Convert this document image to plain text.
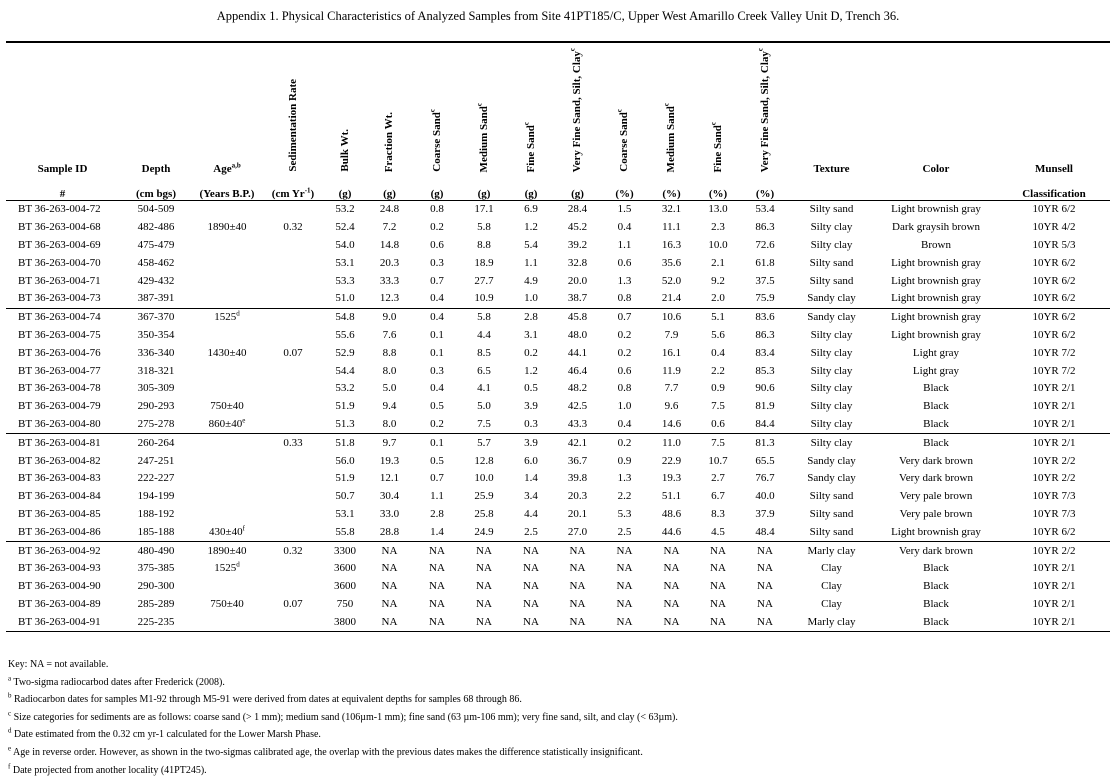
Appendix 1. Physical Characteristics of Analyzed Samples from Site 41PT185/C, Upper West Amarillo Creek Valley Unit D, Trench 36.
Sample ID	Depth	Age$^{a,b}$	Sedimentation Rate	Bulk Wt.	Fraction Wt.	Coarse Sand$^c$	Medium Sand$^c$	Fine Sand$^c$	Very Fine Sand, Silt, Clay$^c$	Coarse Sand$^c$	Medium Sand$^c$	Fine Sand$^c$	Very Fine Sand, Silt, Clay$^c$	Texture	Color	Munsell
#	(cm bgs)	(Years B.P.)	(cm $Yr^{-1}$)	(g)	(g)	(g)	(g)	(g)	(g)	(%)	(%)	(%)	(%)			Classification
BT 36-263-004-72	504-509			53.2	24.8	0.8	17.1	6.9	28.4	1.5	32.1	13.0	53.4	Silty sand	Light brownish gray	10YR 6/2
BT 36-263-004-68	482-486	1890±40	0.32	52.4	7.2	0.2	5.8	1.2	45.2	0.4	11.1	2.3	86.3	Silty clay	Dark graysih brown	10YR 4/2
BT 36-263-004-69	475-479			54.0	14.8	0.6	8.8	5.4	39.2	1.1	16.3	10.0	72.6	Silty clay	Brown	10YR 5/3
BT 36-263-004-70	458-462			53.1	20.3	0.3	18.9	1.1	32.8	0.6	35.6	2.1	61.8	Silty sand	Light brownish gray	10YR 6/2
BT 36-263-004-71	429-432			53.3	33.3	0.7	27.7	4.9	20.0	1.3	52.0	9.2	37.5	Silty sand	Light brownish gray	10YR 6/2
BT 36-263-004-73	387-391			51.0	12.3	0.4	10.9	1.0	38.7	0.8	21.4	2.0	75.9	Sandy clay	Light brownish gray	10YR 6/2
BT 36-263-004-74	367-370	1525$^d$		54.8	9.0	0.4	5.8	2.8	45.8	0.7	10.6	5.1	83.6	Sandy clay	Light brownish gray	10YR 6/2
BT 36-263-004-75	350-354			55.6	7.6	0.1	4.4	3.1	48.0	0.2	7.9	5.6	86.3	Silty clay	Light brownish gray	10YR 6/2
BT 36-263-004-76	336-340	1430±40	0.07	52.9	8.8	0.1	8.5	0.2	44.1	0.2	16.1	0.4	83.4	Silty clay	Light gray	10YR 7/2
BT 36-263-004-77	318-321			54.4	8.0	0.3	6.5	1.2	46.4	0.6	11.9	2.2	85.3	Silty clay	Light gray	10YR 7/2
BT 36-263-004-78	305-309			53.2	5.0	0.4	4.1	0.5	48.2	0.8	7.7	0.9	90.6	Silty clay	Black	10YR 2/1
BT 36-263-004-79	290-293	750±40		51.9	9.4	0.5	5.0	3.9	42.5	1.0	9.6	7.5	81.9	Silty clay	Black	10YR 2/1
BT 36-263-004-80	275-278	$860\pm 40^e$		51.3	8.0	0.2	7.5	0.3	43.3	0.4	14.6	0.6	84.4	Silty clay	Black	10YR 2/1
BT 36-263-004-81	260-264		0.33	51.8	9.7	0.1	5.7	3.9	42.1	0.2	11.0	7.5	81.3	Silty clay	Black	10YR 2/1
BT 36-263-004-82	247-251			56.0	19.3	0.5	12.8	6.0	36.7	0.9	22.9	10.7	65.5	Sandy clay	Very dark brown	10YR 2/2
BT 36-263-004-83	222-227			51.9	12.1	0.7	10.0	1.4	39.8	1.3	19.3	2.7	76.7	Sandy clay	Very dark brown	10YR 2/2
BT 36-263-004-84	194-199			50.7	30.4	1.1	25.9	3.4	20.3	2.2	51.1	6.7	40.0	Silty sand	Very pale brown	10YR 7/3
BT 36-263-004-85	188-192			53.1	33.0	2.8	25.8	4.4	20.1	5.3	48.6	8.3	37.9	Silty sand	Very pale brown	10YR 7/3
BT 36-263-004-86	185-188	$430\pm 40^f$		55.8	28.8	1.4	24.9	2.5	27.0	2.5	44.6	4.5	48.4	Silty sand	Light brownish gray	10YR 6/2
BT 36-263-004-92	480-490	1890±40	0.32	3300	NA	NA	NA	NA	NA	NA	NA	NA	NA	Marly clay	Very dark brown	10YR 2/2
BT 36-263-004-93	375-385	1525$^d$		3600	NA	NA	NA	NA	NA	NA	NA	NA	NA	Clay	Black	10YR 2/1
BT 36-263-004-90	290-300			3600	NA	NA	NA	NA	NA	NA	NA	NA	NA	Clay	Black	10YR 2/1
BT 36-263-004-89	285-289	750±40	0.07	750	NA	NA	NA	NA	NA	NA	NA	NA	NA	Clay	Black	10YR 2/1
BT 36-263-004-91	225-235			3800	NA	NA	NA	NA	NA	NA	NA	NA	NA	Marly clay	Black	10YR 2/1
Key: NA = not available.
$^a$ Two-sigma radiocarbod dates after Frederick (2008).
$^b$ Radiocarbon dates for samples M1-92 through M5-91 were derived from dates at equivalent depths for samples 68 through 86.
$^c$ Size categories for sediments are as follows: coarse sand (> 1 mm); medium sand (106µm-1 mm); fine sand (63 µm-106 mm); very fine sand, silt, and clay (< 63µm).
$^d$ Date estimated from the 0.32 cm yr-1 calculated for the Lower Marsh Phase.
$^e$ Age in reverse order. However, as shown in the two-sigmas calibrated age, the overlap with the previous dates makes the difference statistically insignificant.
$^f$ Date projected from another locality (41PT245).
